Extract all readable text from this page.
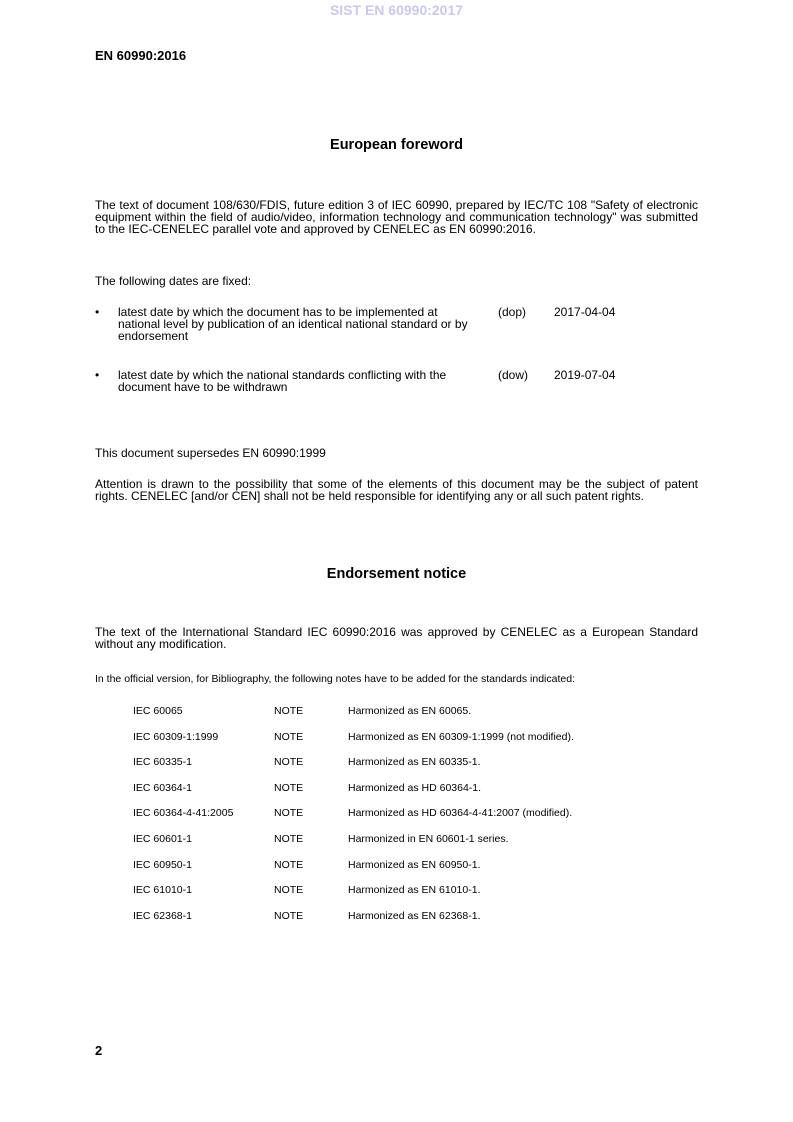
SIST EN 60990:2017
EN 60990:2016
European foreword
The text of document 108/630/FDIS, future edition 3 of IEC 60990, prepared by IEC/TC 108 "Safety of electronic equipment within the field of audio/video, information technology and communication technology" was submitted to the IEC-CENELEC parallel vote and approved by CENELEC as EN 60990:2016.
The following dates are fixed:
• latest date by which the document has to be implemented at national level by publication of an identical national standard or by endorsement
(dop) 2017-04-04
• latest date by which the national standards conflicting with the document have to be withdrawn
(dow) 2019-07-04
This document supersedes EN 60990:1999
Attention is drawn to the possibility that some of the elements of this document may be the subject of patent rights. CENELEC [and/or CEN] shall not be held responsible for identifying any or all such patent rights.
Endorsement notice
The text of the International Standard IEC 60990:2016 was approved by CENELEC as a European Standard without any modification.
In the official version, for Bibliography, the following notes have to be added for the standards indicated:
IEC 60065	NOTE	Harmonized as EN 60065.
IEC 60309-1:1999	NOTE	Harmonized as EN 60309-1:1999 (not modified).
IEC 60335-1	NOTE	Harmonized as EN 60335-1.
IEC 60364-1	NOTE	Harmonized as HD 60364-1.
IEC 60364-4-41:2005	NOTE	Harmonized as HD 60364-4-41:2007 (modified).
IEC 60601-1	NOTE	Harmonized in EN 60601-1 series.
IEC 60950-1	NOTE	Harmonized as EN 60950-1.
IEC 61010-1	NOTE	Harmonized as EN 61010-1.
IEC 62368-1	NOTE	Harmonized as EN 62368-1.
2
